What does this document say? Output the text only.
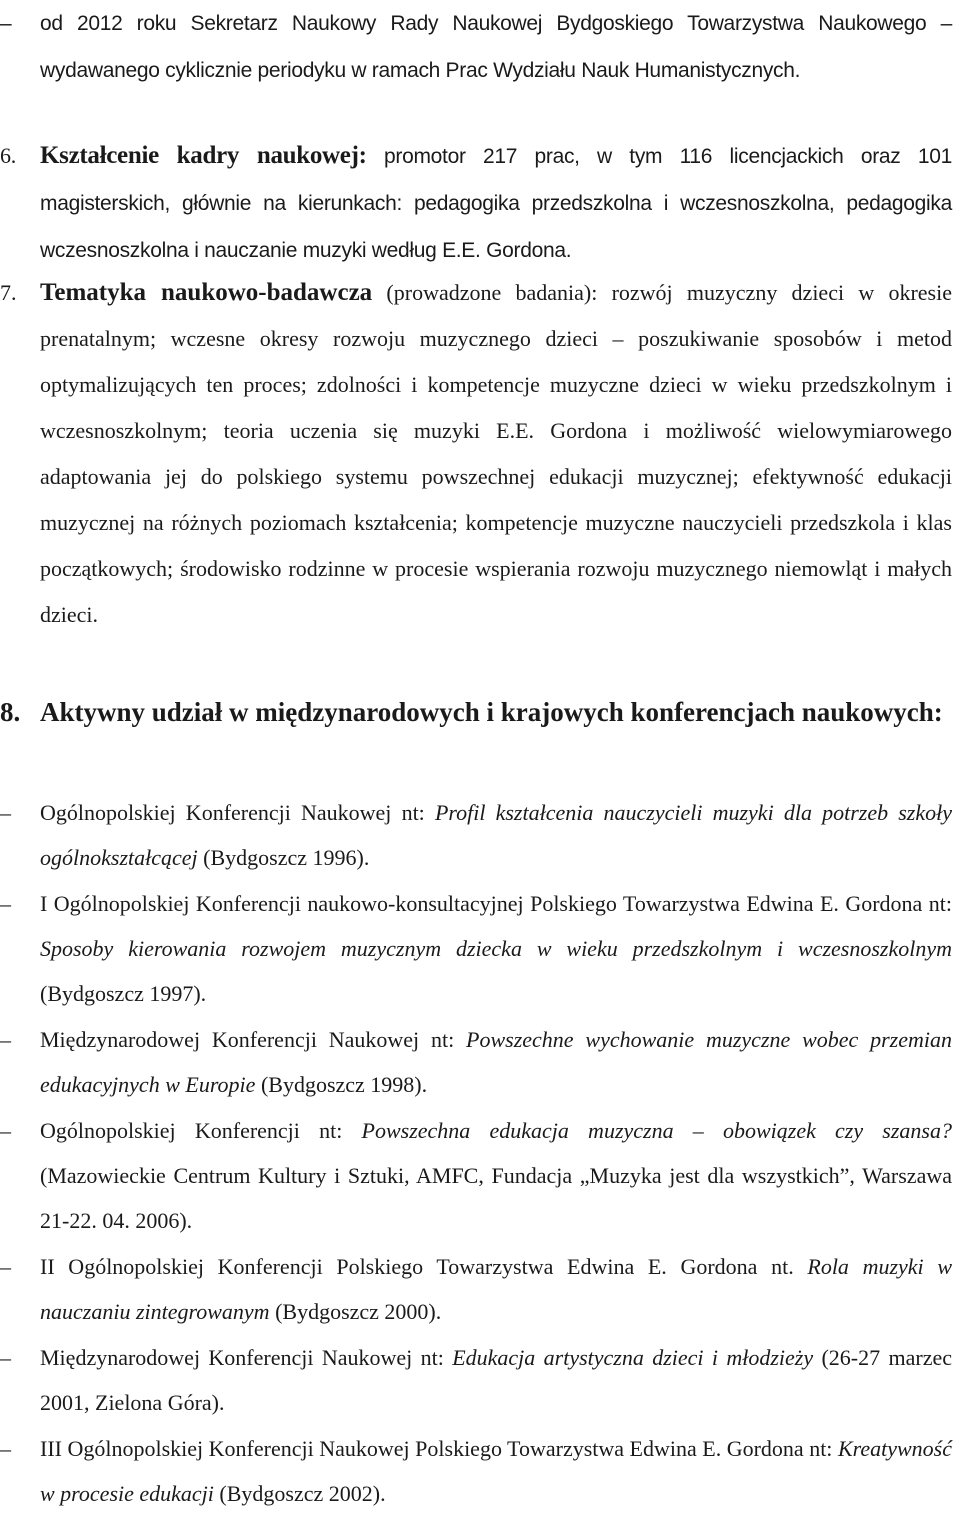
–	od 2012 roku Sekretarz Naukowy Rady Naukowej Bydgoskiego Towarzystwa Naukowego – wydawanego cyklicznie periodyku w ramach Prac Wydziału Nauk Humanistycznych.

6. Kształcenie kadry naukowej: promotor 217 prac, w tym 116 licencjackich oraz 101 magisterskich, głównie na kierunkach: pedagogika przedszkolna i wczesnoszkolna, pedagogika wczesnoszkolna i nauczanie muzyki według E.E. Gordona.

7. Tematyka naukowo-badawcza (prowadzone badania): rozwój muzyczny dzieci w okresie prenatalnym; wczesne okresy rozwoju muzycznego dzieci – poszukiwanie sposobów i metod optymalizujących ten proces; zdolności i kompetencje muzyczne dzieci w wieku przedszkolnym i wczesnoszkolnym; teoria uczenia się muzyki E.E. Gordona i możliwość wielowymiarowego adaptowania jej do polskiego systemu powszechnej edukacji muzycznej; efektywność edukacji muzycznej na różnych poziomach kształcenia; kompetencje muzyczne nauczycieli przedszkola i klas początkowych; środowisko rodzinne w procesie wspierania rozwoju muzycznego niemowląt i małych dzieci.

8. Aktywny udział w międzynarodowych i krajowych konferencjach naukowych:

–	Ogólnopolskiej Konferencji Naukowej nt: Profil kształcenia nauczycieli muzyki dla potrzeb szkoły ogólnokształcącej (Bydgoszcz 1996).

–	I Ogólnopolskiej Konferencji naukowo-konsultacyjnej Polskiego Towarzystwa Edwina E. Gordona nt: Sposoby kierowania rozwojem muzycznym dziecka w wieku przedszkolnym i wczesnoszkolnym (Bydgoszcz 1997).

–	Międzynarodowej Konferencji Naukowej nt: Powszechne wychowanie muzyczne wobec przemian edukacyjnych w Europie (Bydgoszcz 1998).

–	Ogólnopolskiej Konferencji nt: Powszechna edukacja muzyczna – obowiązek czy szansa? (Mazowieckie Centrum Kultury i Sztuki, AMFC, Fundacja „Muzyka jest dla wszystkich”, Warszawa 21-22. 04. 2006).

–	II Ogólnopolskiej Konferencji Polskiego Towarzystwa Edwina E. Gordona nt. Rola muzyki w nauczaniu zintegrowanym (Bydgoszcz 2000).

–	Międzynarodowej Konferencji Naukowej nt: Edukacja artystyczna dzieci i młodzieży (26-27 marzec 2001, Zielona Góra).

–	III Ogólnopolskiej Konferencji Naukowej Polskiego Towarzystwa Edwina E. Gordona nt: Kreatywność w procesie edukacji (Bydgoszcz 2002).
